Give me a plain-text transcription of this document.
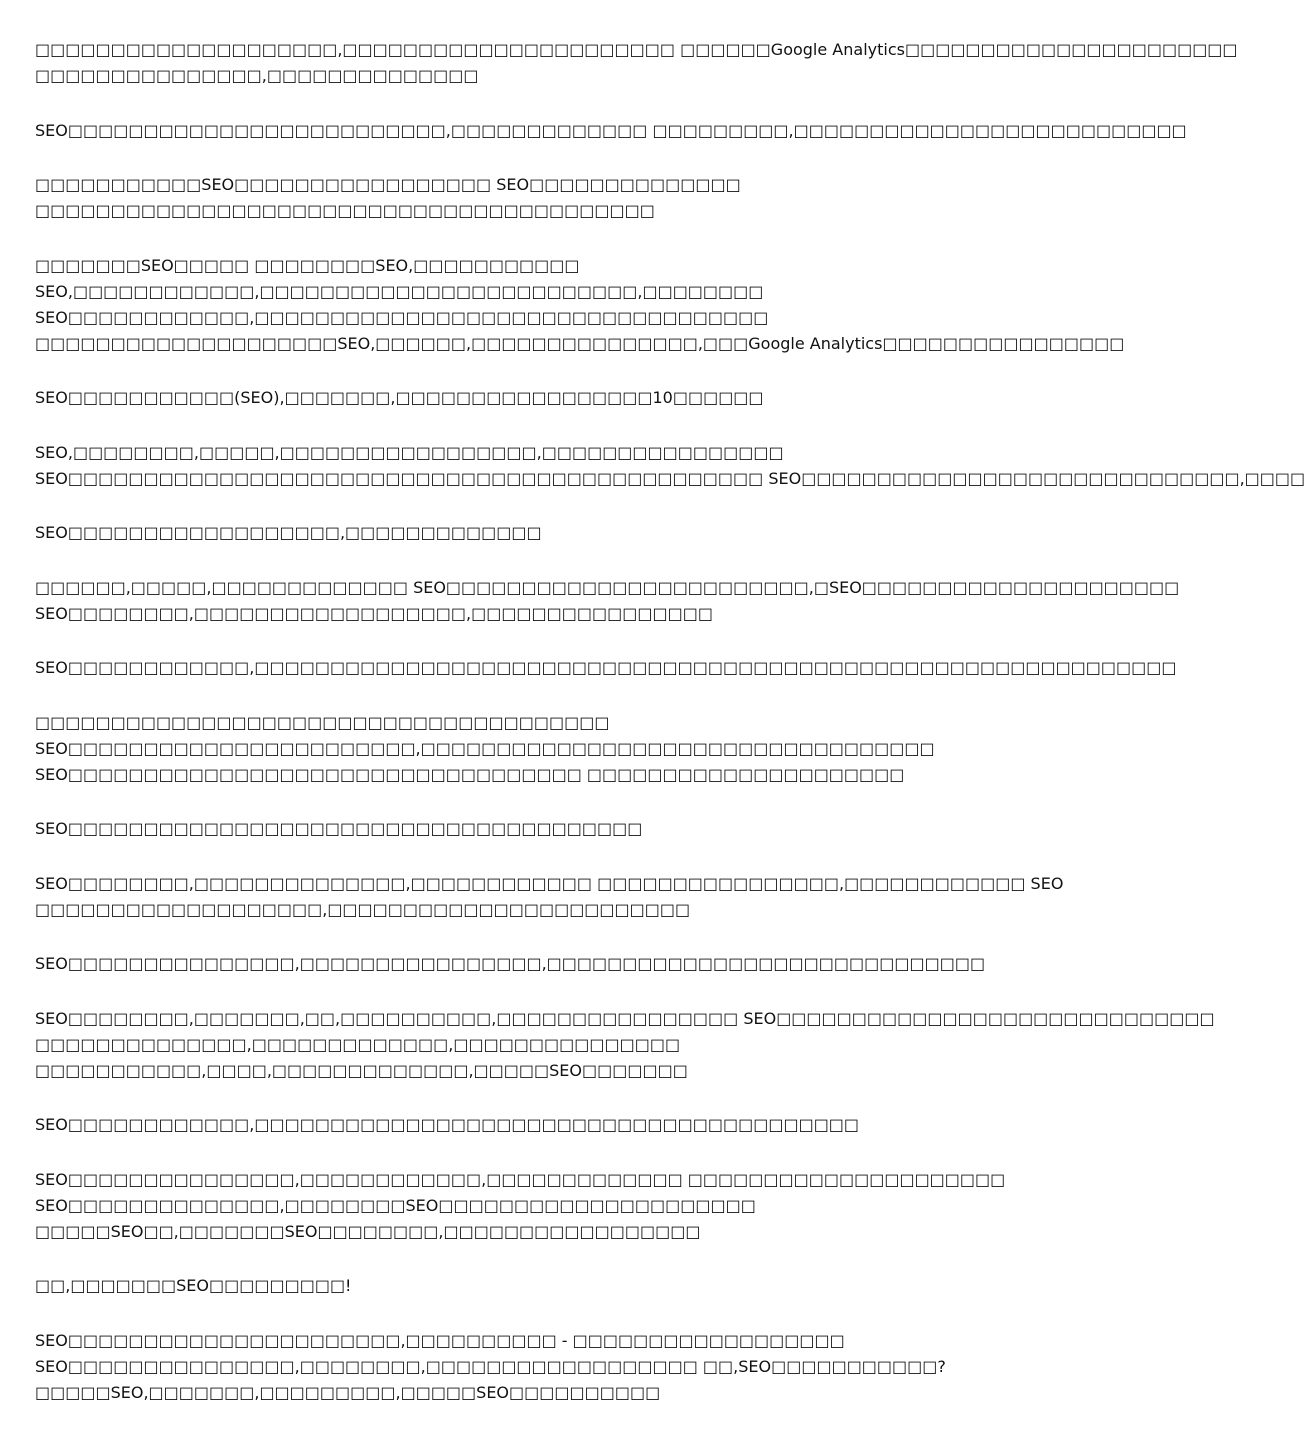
□□□□□□□□□□□□□□□□□□□□,□□□□□□□□□□□□□□□□□□□□□□ □□□□□□Google Analytics□□□□□□□□□□□□□□□□□□□□□□
□□□□□□□□□□□□□□□,□□□□□□□□□□□□□□
SEO□□□□□□□□□□□□□□□□□□□□□□□□□,□□□□□□□□□□□□□ □□□□□□□□□,□□□□□□□□□□□□□□□□□□□□□□□□□□
□□□□□□□□□□□SEO□□□□□□□□□□□□□□□□□ SEO□□□□□□□□□□□□□□
□□□□□□□□□□□□□□□□□□□□□□□□□□□□□□□□□□□□□□□□□
□□□□□□□SEO□□□□□ □□□□□□□□SEO,□□□□□□□□□□□
SEO,□□□□□□□□□□□□,□□□□□□□□□□□□□□□□□□□□□□□□□,□□□□□□□□
SEO□□□□□□□□□□□□,□□□□□□□□□□□□□□□□□□□□□□□□□□□□□□□□□□
□□□□□□□□□□□□□□□□□□□□SEO,□□□□□□,□□□□□□□□□□□□□□□,□□□Google Analytics□□□□□□□□□□□□□□□□
SEO□□□□□□□□□□□(SEO),□□□□□□□,□□□□□□□□□□□□□□□□□10□□□□□□
SEO,□□□□□□□□,□□□□□,□□□□□□□□□□□□□□□□□,□□□□□□□□□□□□□□□□
SEO□□□□□□□□□□□□□□□□□□□□□□□□□□□□□□□□□□□□□□□□□□□□□□ SEO□□□□□□□□□□□□□□□□□□□□□□□□□□□□□,□□□□
SEO□□□□□□□□□□□□□□□□□□,□□□□□□□□□□□□□
□□□□□□,□□□□□,□□□□□□□□□□□□□ SEO□□□□□□□□□□□□□□□□□□□□□□□□,□SEO□□□□□□□□□□□□□□□□□□□□□
SEO□□□□□□□□,□□□□□□□□□□□□□□□□□□,□□□□□□□□□□□□□□□□
SEO□□□□□□□□□□□□,□□□□□□□□□□□□□□□□□□□□□□□□□□□□□□□□□□□□□□□□□□□□□□□□□□□□□□□□□□□□□
□□□□□□□□□□□□□□□□□□□□□□□□□□□□□□□□□□□□□□
SEO□□□□□□□□□□□□□□□□□□□□□□□,□□□□□□□□□□□□□□□□□□□□□□□□□□□□□□□□□□
SEO□□□□□□□□□□□□□□□□□□□□□□□□□□□□□□□□□□ □□□□□□□□□□□□□□□□□□□□□
SEO□□□□□□□□□□□□□□□□□□□□□□□□□□□□□□□□□□□□□□
SEO□□□□□□□□,□□□□□□□□□□□□□□,□□□□□□□□□□□□ □□□□□□□□□□□□□□□□,□□□□□□□□□□□□ SEO
□□□□□□□□□□□□□□□□□□□,□□□□□□□□□□□□□□□□□□□□□□□□
SEO□□□□□□□□□□□□□□□,□□□□□□□□□□□□□□□□,□□□□□□□□□□□□□□□□□□□□□□□□□□□□□
SEO□□□□□□□□,□□□□□□□,□□,□□□□□□□□□□,□□□□□□□□□□□□□□□□ SEO□□□□□□□□□□□□□□□□□□□□□□□□□□□□□
□□□□□□□□□□□□□□,□□□□□□□□□□□□□,□□□□□□□□□□□□□□□
□□□□□□□□□□□,□□□□,□□□□□□□□□□□□□,□□□□□SEO□□□□□□□
SEO□□□□□□□□□□□□,□□□□□□□□□□□□□□□□□□□□□□□□□□□□□□□□□□□□□□□□
SEO□□□□□□□□□□□□□□□,□□□□□□□□□□□□,□□□□□□□□□□□□□ □□□□□□□□□□□□□□□□□□□□□
SEO□□□□□□□□□□□□□□,□□□□□□□□SEO□□□□□□□□□□□□□□□□□□□□□
□□□□□SEO□□,□□□□□□□SEO□□□□□□□□,□□□□□□□□□□□□□□□□□
□□,□□□□□□□SEO□□□□□□□□□!
SEO□□□□□□□□□□□□□□□□□□□□□□,□□□□□□□□□□ - □□□□□□□□□□□□□□□□□□
SEO□□□□□□□□□□□□□□□,□□□□□□□□,□□□□□□□□□□□□□□□□□□ □□,SEO□□□□□□□□□□□?
□□□□□SEO,□□□□□□□,□□□□□□□□□,□□□□□SEO□□□□□□□□□□
